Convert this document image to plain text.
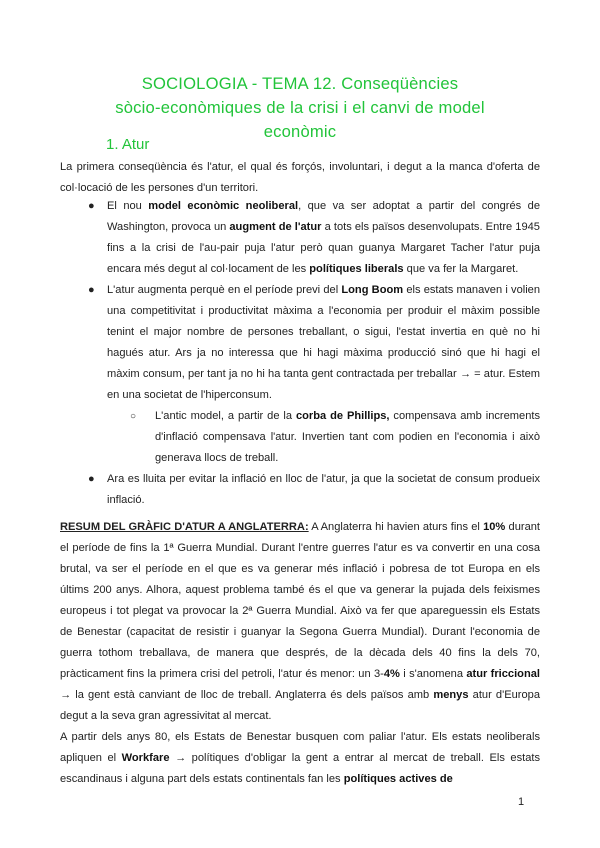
SOCIOLOGIA - TEMA 12. Conseqüències
sòcio-econòmiques de la crisi i el canvi de model
econòmic
1. Atur

La primera conseqüència és l'atur, el qual és forçós, involuntari, i degut a la manca d'oferta de col·locació de les persones d'un territori.

● El nou model econòmic neoliberal, que va ser adoptat a partir del congrés de Washington, provoca un augment de l'atur a tots els països desenvolupats. Entre 1945 fins a la crisi de l'au-pair puja l'atur però quan guanya Margaret Tacher l'atur puja encara més degut al col·locament de les polítiques liberals que va fer la Margaret.

● L'atur augmenta perquè en el període previ del Long Boom els estats manaven i volien una competitivitat i productivitat màxima a l'economia per produir el màxim possible tenint el major nombre de persones treballant, o sigui, l'estat invertia en què no hi hagués atur. Ars ja no interessa que hi hagi màxima producció sinó que hi hagi el màxim consum, per tant ja no hi ha tanta gent contractada per treballar → = atur. Estem en una societat de l'hiperconsum.

○ L'antic model, a partir de la corba de Phillips, compensava amb increments d'inflació compensava l'atur. Invertien tant com podien en l'economia i això generava llocs de treball.

● Ara es lluita per evitar la inflació en lloc de l'atur, ja que la societat de consum produeix inflació.

RESUM DEL GRÀFIC D'ATUR A ANGLATERRA: A Anglaterra hi havien aturs fins el 10% durant el període de fins la 1ª Guerra Mundial. Durant l'entre guerres l'atur es va convertir en una cosa brutal, va ser el període en el que es va generar més inflació i pobresa de tot Europa en els últims 200 anys. Alhora, aquest problema també és el que va generar la pujada dels feixismes europeus i tot plegat va provocar la 2ª Guerra Mundial. Això va fer que apareguessin els Estats de Benestar (capacitat de resistir i guanyar la Segona Guerra Mundial). Durant l'economia de guerra tothom treballava, de manera que després, de la dècada dels 40 fins la dels 70, pràcticament fins la primera crisi del petroli, l'atur és menor: un 3-4% i s'anomena atur friccional → la gent està canviant de lloc de treball. Anglaterra és dels països amb menys atur d'Europa degut a la seva gran agressivitat al mercat.

A partir dels anys 80, els Estats de Benestar busquen com paliar l'atur. Els estats neoliberals apliquen el Workfare → polítiques d'obligar la gent a entrar al mercat de treball. Els estats escandinaus i alguna part dels estats continentals fan les polítiques actives de

1
